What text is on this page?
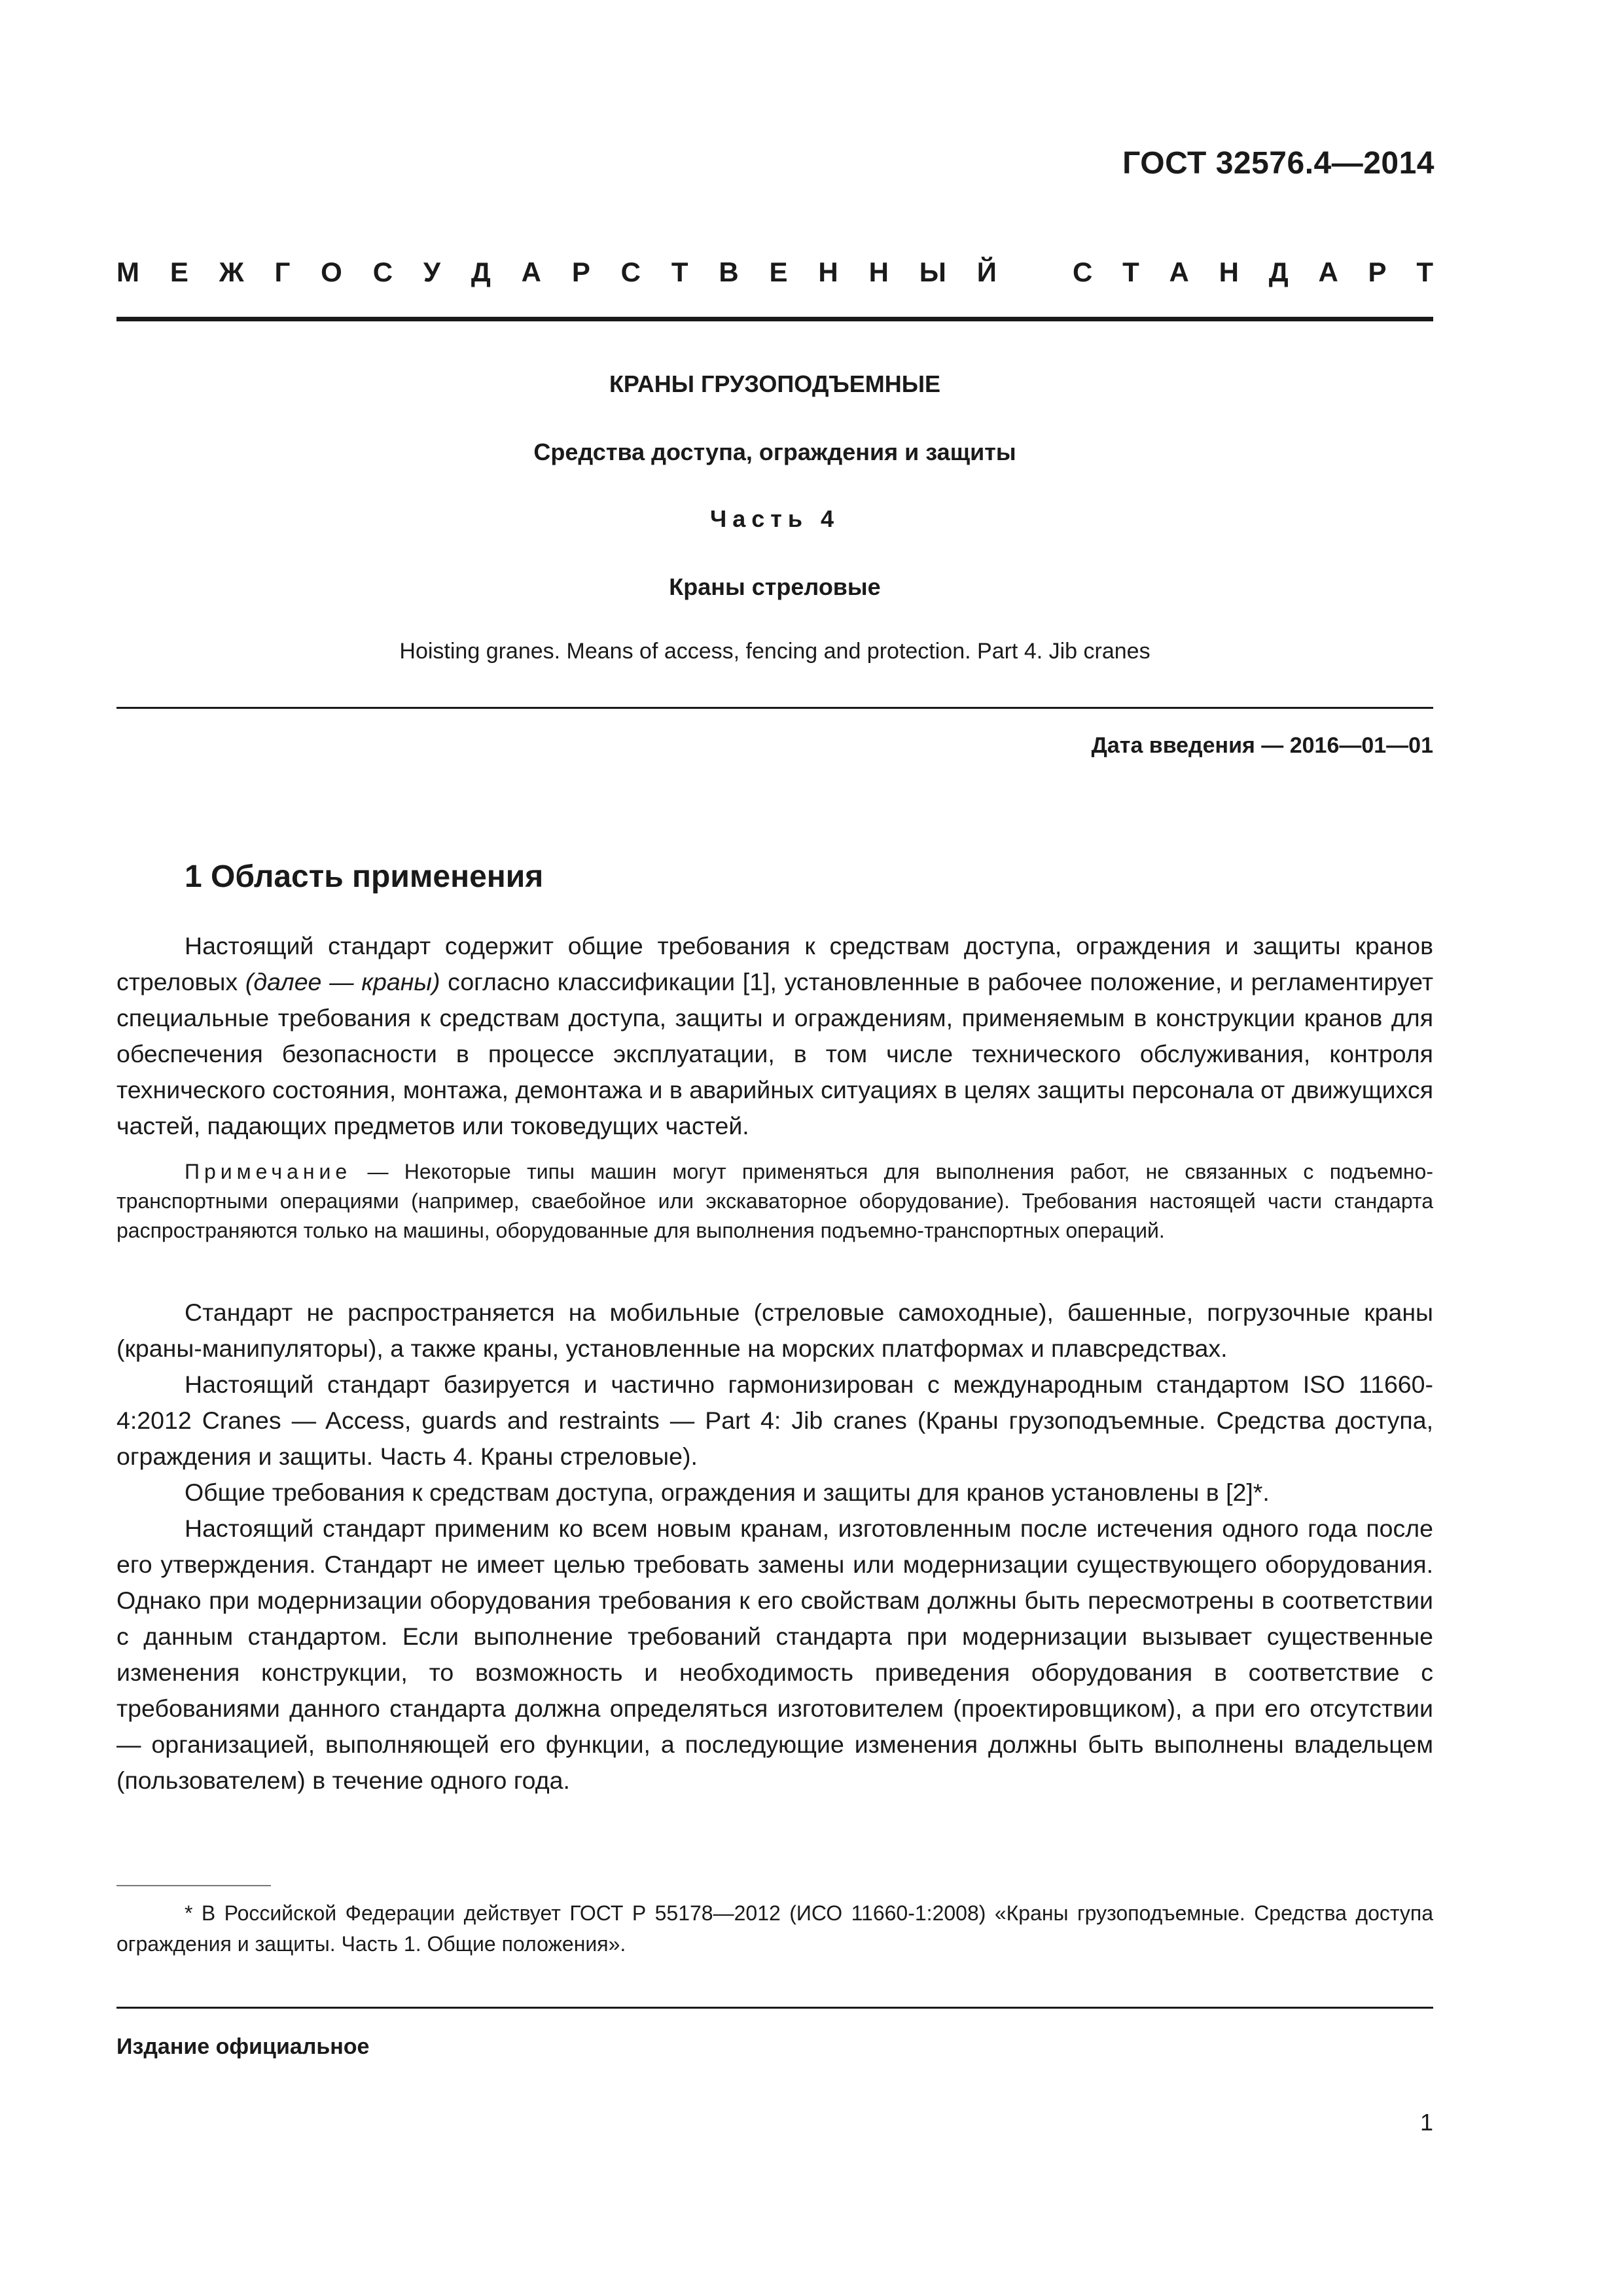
ГОСТ 32576.4—2014
М Е Ж Г О С У Д А Р С Т В Е Н Н Ы Й	С Т А Н Д А Р Т
КРАНЫ ГРУЗОПОДЪЕМНЫЕ
Средства доступа, ограждения и защиты
Часть 4
Краны стреловые
Hoisting granes. Means of access, fencing and protection. Part 4. Jib cranes
Дата введения — 2016—01—01
1 Область применения

Настоящий стандарт содержит общие требования к средствам доступа, ограждения и защиты кранов стреловых (далее — краны) согласно классификации [1], установленные в рабочее положение, и регламентирует специальные требования к средствам доступа, защиты и ограждениям, применяемым в конструкции кранов для обеспечения безопасности в процессе эксплуатации, в том числе технического обслуживания, контроля технического состояния, монтажа, демонтажа и в аварийных ситуациях в целях защиты персонала от движущихся частей, падающих предметов или токоведущих частей.

Примечание — Некоторые типы машин могут применяться для выполнения работ, не связанных с подъемно-транспортными операциями (например, сваебойное или экскаваторное оборудование). Требования настоящей части стандарта распространяются только на машины, оборудованные для выполнения подъемно-транспортных операций.

Стандарт не распространяется на мобильные (стреловые самоходные), башенные, погрузочные краны (краны-манипуляторы), а также краны, установленные на морских платформах и плавсредствах.

Настоящий стандарт базируется и частично гармонизирован с международным стандартом ISO 11660-4:2012 Cranes — Access, guards and restraints — Part 4: Jib cranes (Краны грузоподъемные. Средства доступа, ограждения и защиты. Часть 4. Краны стреловые).

Общие требования к средствам доступа, ограждения и защиты для кранов установлены в [2]*.

Настоящий стандарт применим ко всем новым кранам, изготовленным после истечения одного года после его утверждения. Стандарт не имеет целью требовать замены или модернизации существующего оборудования. Однако при модернизации оборудования требования к его свойствам должны быть пересмотрены в соответствии с данным стандартом. Если выполнение требований стандарта при модернизации вызывает существенные изменения конструкции, то возможность и необходимость приведения оборудования в соответствие с требованиями данного стандарта должна определяться изготовителем (проектировщиком), а при его отсутствии — организацией, выполняющей его функции, а последующие изменения должны быть выполнены владельцем (пользователем) в течение одного года.

* В Российской Федерации действует ГОСТ Р 55178—2012 (ИСО 11660-1:2008) «Краны грузоподъемные. Средства доступа ограждения и защиты. Часть 1. Общие положения».

Издание официальное
1
